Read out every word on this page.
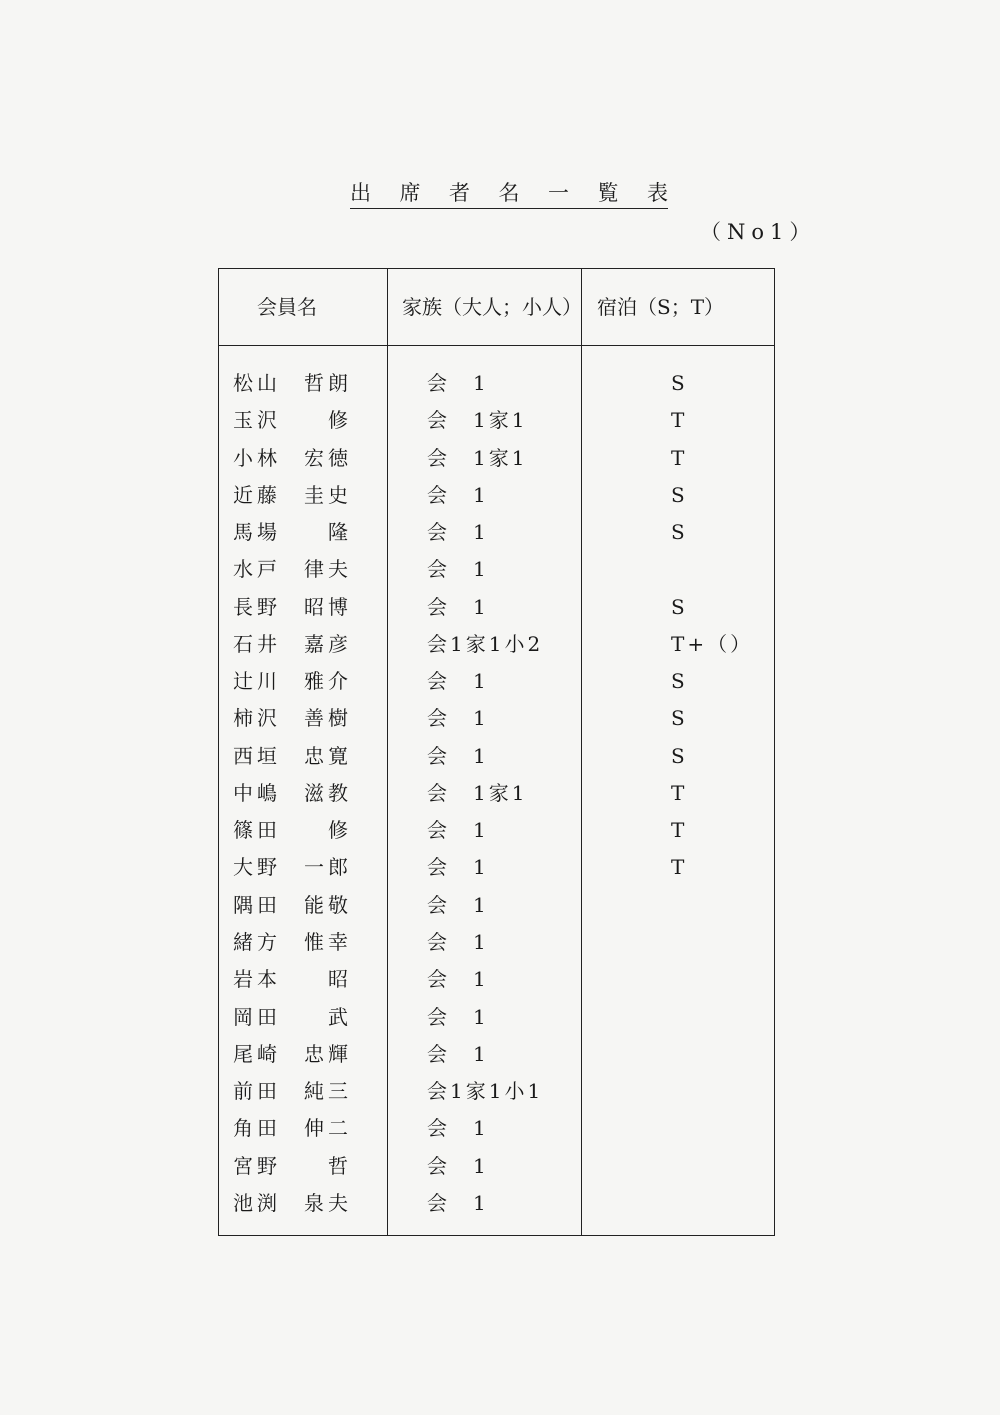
出 席 者 名 一 覧 表
（No1）
会員名	家族（大人；小人） 宿泊（S；T）
松山 哲朗	会　1	S
玉沢 修	会　1家1	T
小林 宏徳	会　1家1	T
近藤 圭史	会　1	S
馬場 隆	会　1	S
水戸 律夫	会　1
長野 昭博	会　1	S
石井 嘉彦	会1家1小2	T+（）
辻川 雅介	会　1	S
柿沢 善樹	会　1	S
西垣 忠寛	会　1	S
中嶋 滋教	会　1家1	T
篠田 修	会　1	T
大野 一郎	会　1	T
隅田 能敬	会　1
緒方 惟幸	会　1
岩本 昭	会　1
岡田 武	会　1
尾崎 忠輝	会　1
前田 純三	会1家1小1
角田 伸二	会　1
宮野 哲	会　1
池渕 泉夫	会　1
